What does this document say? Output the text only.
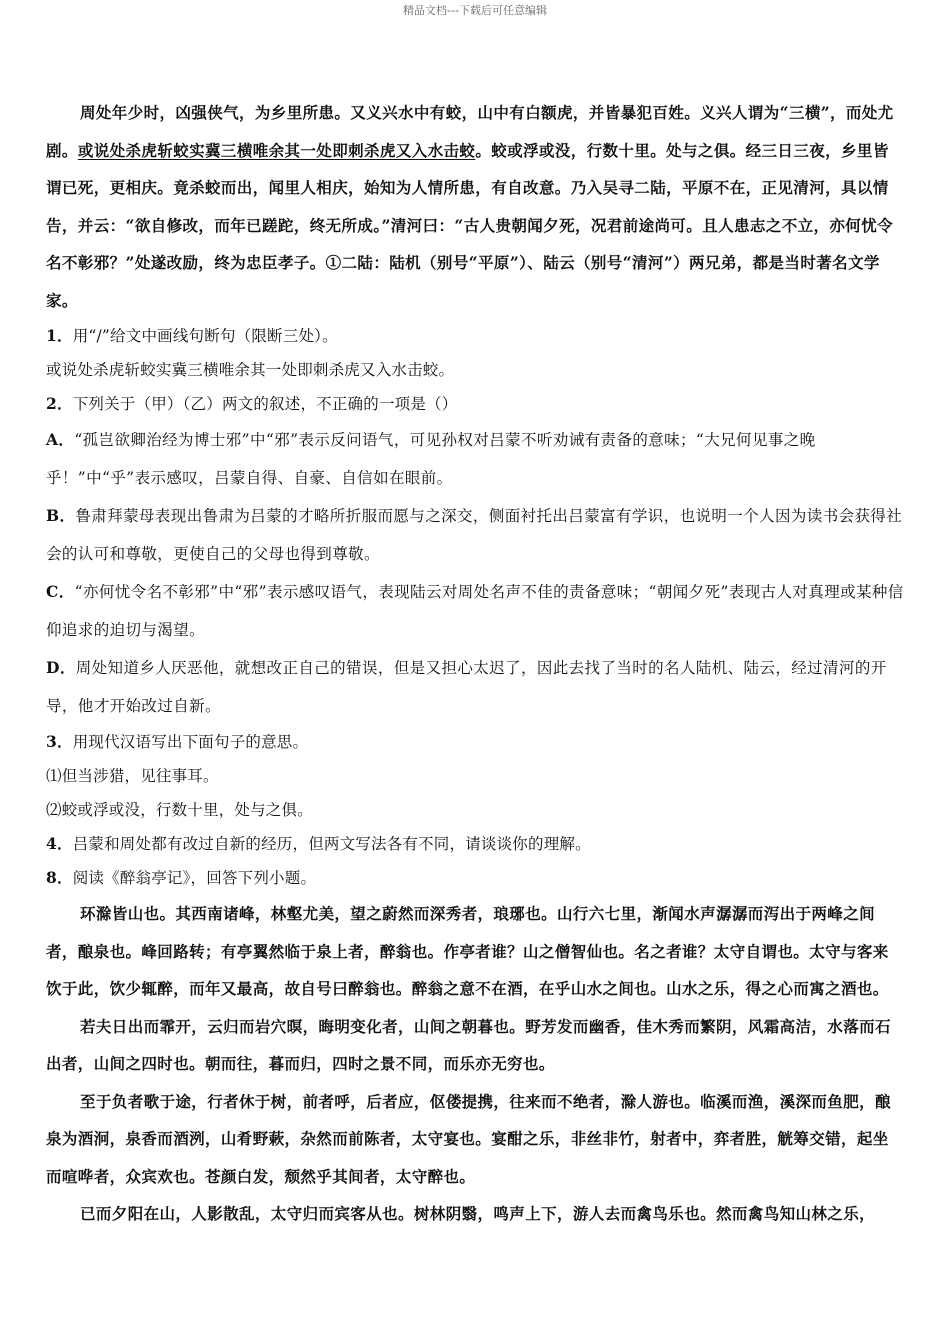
精品文档---下载后可任意编辑

周处年少时，凶强侠气，为乡里所患。又义兴水中有蛟，山中有白额虎，并皆暴犯百姓。义兴人谓为“三横”，而处尤剧。或说处杀虎斩蛟实冀三横唯余其一处即刺杀虎又入水击蛟。蛟或浮或没，行数十里。处与之俱。经三日三夜，乡里皆谓已死，更相庆。竟杀蛟而出，闻里人相庆，始知为人情所患，有自改意。乃入吴寻二陆，平原不在，正见清河，具以情告，并云：“欲自修改，而年已蹉跎，终无所成。”清河曰：“古人贵朝闻夕死，况君前途尚可。且人患志之不立，亦何忧令名不彰邪？”处遂改励，终为忠臣孝子。①二陆：陆机（别号“平原”）、陆云（别号“清河”）两兄弟，都是当时著名文学家。

1．用“/”给文中画线句断句（限断三处）。

或说处杀虎斩蛟实冀三横唯余其一处即刺杀虎又入水击蛟。

2．下列关于（甲）（乙）两文的叙述，不正确的一项是（）

A．“孤岂欲卿治经为博士邪”中“邪”表示反问语气，可见孙权对吕蒙不听劝诫有责备的意味；“大兄何见事之晚乎！”中“乎”表示感叹，吕蒙自得、自豪、自信如在眼前。

B．鲁肃拜蒙母表现出鲁肃为吕蒙的才略所折服而愿与之深交，侧面衬托出吕蒙富有学识，也说明一个人因为读书会获得社会的认可和尊敬，更使自己的父母也得到尊敬。

C．“亦何忧令名不彰邪”中“邪”表示感叹语气，表现陆云对周处名声不佳的责备意味；“朝闻夕死”表现古人对真理或某种信仰追求的迫切与渴望。

D．周处知道乡人厌恶他，就想改正自己的错误，但是又担心太迟了，因此去找了当时的名人陆机、陆云，经过清河的开导，他才开始改过自新。

3．用现代汉语写出下面句子的意思。

⑴但当涉猎，见往事耳。

⑵蛟或浮或没，行数十里，处与之俱。

4．吕蒙和周处都有改过自新的经历，但两文写法各有不同，请谈谈你的理解。

8．阅读《醉翁亭记》，回答下列小题。

环滁皆山也。其西南诸峰，林壑尤美，望之蔚然而深秀者，琅琊也。山行六七里，渐闻水声潺潺而泻出于两峰之间者，酿泉也。峰回路转；有亭翼然临于泉上者，醉翁也。作亭者谁？山之僧智仙也。名之者谁？太守自谓也。太守与客来饮于此，饮少辄醉，而年又最高，故自号曰醉翁也。醉翁之意不在酒，在乎山水之间也。山水之乐，得之心而寓之酒也。

若夫日出而霏开，云归而岩穴暝，晦明变化者，山间之朝暮也。野芳发而幽香，佳木秀而繁阴，风霜高洁，水落而石出者，山间之四时也。朝而往，暮而归，四时之景不同，而乐亦无穷也。

至于负者歌于途，行者休于树，前者呼，后者应，伛偻提携，往来而不绝者，滁人游也。临溪而渔，溪深而鱼肥，酿泉为酒泂，泉香而酒洌，山肴野蔌，杂然而前陈者，太守宴也。宴酣之乐，非丝非竹，射者中，弈者胜，觥筹交错，起坐而喧哗者，众宾欢也。苍颜白发，颓然乎其间者，太守醉也。

已而夕阳在山，人影散乱，太守归而宾客从也。树林阴翳，鸣声上下，游人去而禽鸟乐也。然而禽鸟知山林之乐，
